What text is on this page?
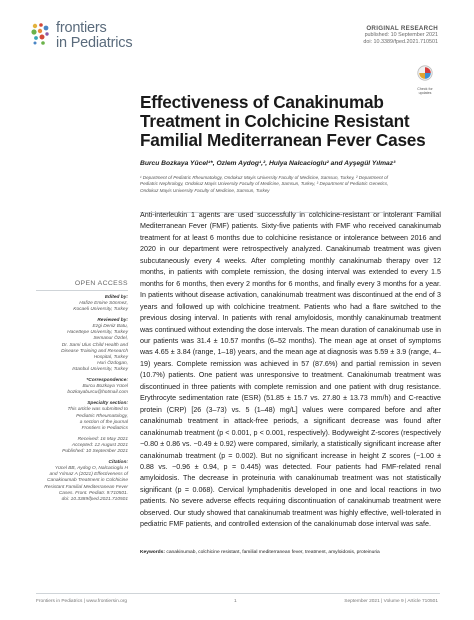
frontiers
in Pediatrics
ORIGINAL RESEARCH
published: 10 September 2021
doi: 10.3389/fped.2021.710501
Check for
updates
Effectiveness of Canakinumab Treatment in Colchicine Resistant Familial Mediterranean Fever Cases
Burcu Bozkaya Yücel¹*, Ozlem Aydog¹,², Hulya Nalcacioglu² and Ayşegül Yılmaz³
¹ Department of Pediatric Rheumatology, Ondokuz Mayis University Faculty of Medicine, Samsun, Turkey, ² Department of
Pediatric Nephrology, Ondokuz Mayis University Faculty of Medicine, Samsun, Turkey, ³ Department of Pediatric Genetics,
Ondokuz Mayis University Faculty of Medicine, Samsun, Turkey

Anti-interleukin 1 agents are used successfully in colchicine-resistant or intolerant Familial Mediterranean Fever (FMF) patients. Sixty-five patients with FMF who received canakinumab treatment for at least 6 months due to colchicine resistance or intolerance between 2016 and 2020 in our department were retrospectively analyzed. Canakinumab treatment was given subcutaneously every 4 weeks. After completing monthly canakinumab therapy over 12 months, in patients with complete remission, the dosing interval was extended to every 1.5 months for 6 months, then every 2 months for 6 months, and finally every 3 months for a year. In patients without disease activation, canakinumab treatment was discontinued at the end of 3 years and followed up with colchicine treatment. Patients who had a flare switched to the previous dosing interval. In patients with renal amyloidosis, monthly canakinumab treatment was continued without extending the dose intervals. The mean duration of canakinumab use in our patients was 31.4 ± 10.57 months (6–52 months). The mean age at onset of symptoms was 4.65 ± 3.84 (range, 1–18) years, and the mean age at diagnosis was 5.59 ± 3.9 (range, 4–19) years. Complete remission was achieved in 57 (87.6%) and partial remission in seven (10.7%) patients. One patient was unresponsive to treatment. Canakinumab treatment was discontinued in three patients with complete remission and one patient with drug resistance. Erythrocyte sedimentation rate (ESR) (51.85 ± 15.7 vs. 27.80 ± 13.73 mm/h) and C-reactive protein (CRP) [26 (3–73) vs. 5 (1–48) mg/L] values were compared before and after canakinumab treatment in attack-free periods, a significant decrease was found after canakinumab treatment (p < 0.001, p < 0.001, respectively). Bodyweight Z-scores (respectively −0.80 ± 0.86 vs. −0.49 ± 0.92) were compared, similarly, a statistically significant increase after canakinumab treatment (p = 0.002). But no significant increase in height Z scores (−1.00 ± 0.88 vs. −0.96 ± 0.94, p = 0.445) was detected. Four patients had FMF-related renal amyloidosis. The decrease in proteinuria with canakinumab treatment was not statistically significant (p = 0.068). Cervical lymphadenitis developed in one and local reactions in two patients. No severe adverse effects requiring discontinuation of canakinumab treatment were observed. Our study showed that canakinumab treatment was highly effective, well-tolerated in pediatric FMF patients, and controlled extension of the canakinumab dose interval was safe.

Keywords: canakinumab, colchicine resistant, familial mediterranean fever, treatment, amyloidosis, proteinuria

OPEN ACCESS
Edited by:
Hafize Emine Sönmez,
Kocaeli University, Turkey
Reviewed by:
Ezgi Deniz Batu,
Hacettepe University, Turkey
Semanur Özdel,
Dr. Sami Ulus Child Health and
Disease Training and Research
Hospital, Turkey
Huri Özdogan,
Istanbul University, Turkey
*Correspondence:
Burcu Bozkaya Yücel
bozkayaburcu@hotmail.com
Specialty section:
This article was submitted to
Pediatric Rheumatology,
a section of the journal
Frontiers in Pediatrics
Received: 16 May 2021
Accepted: 12 August 2021
Published: 10 September 2021
Citation:
Yücel BB, Aydog O, Nalcacioglu H
and Yılmaz A (2021) Effectiveness of
Canakinumab Treatment in Colchicine
Resistant Familial Mediterranean Fever
Cases. Front. Pediatr. 9:710501.
doi: 10.3389/fped.2021.710501
Frontiers in Pediatrics | www.frontiersin.org	1	September 2021 | Volume 9 | Article 710501
